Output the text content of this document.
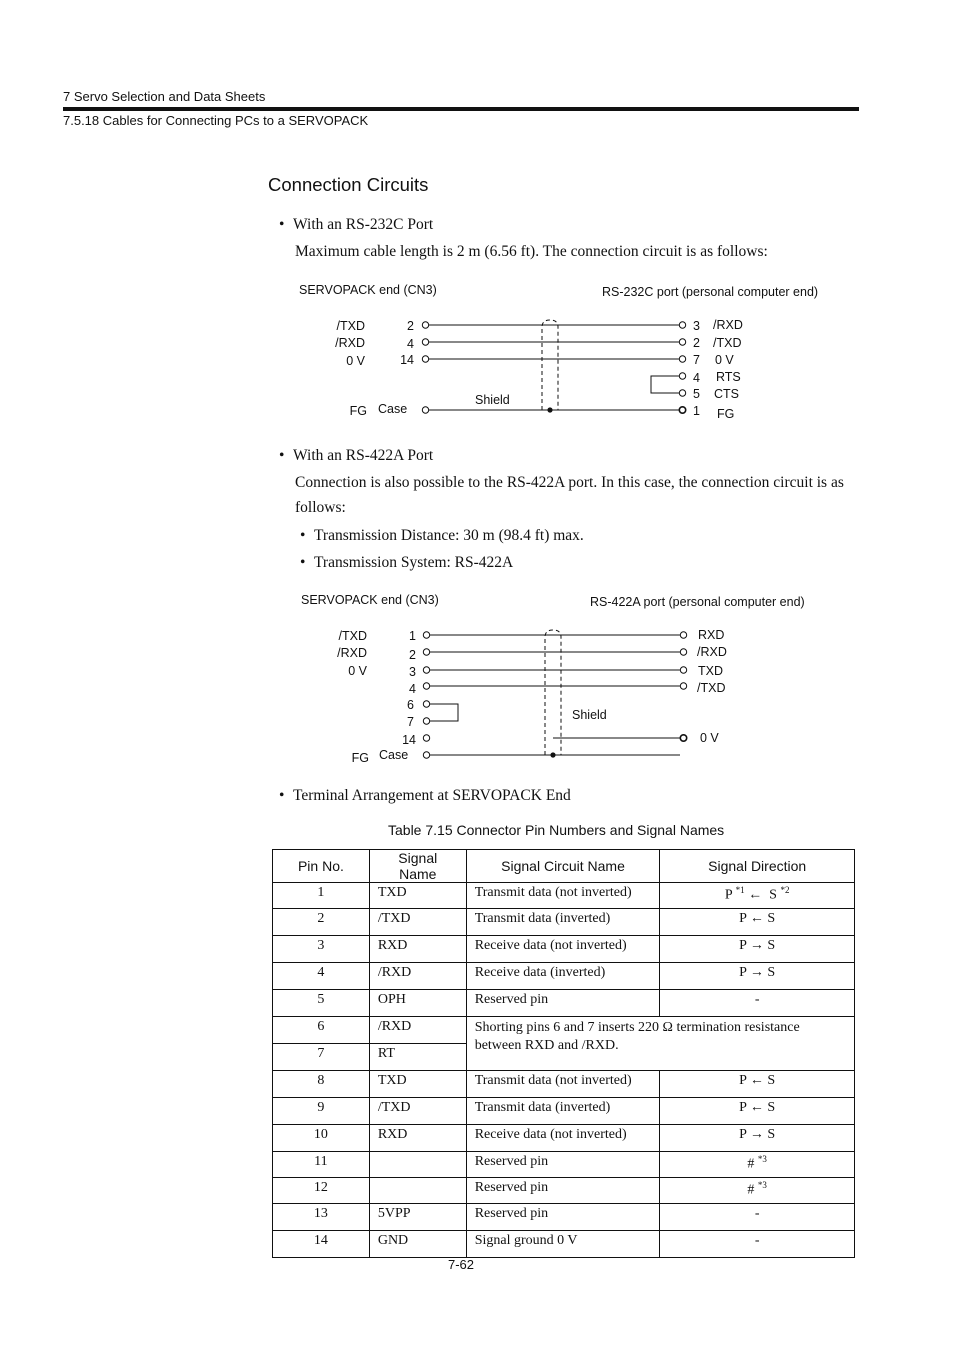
7 Servo Selection and Data Sheets
7.5.18 Cables for Connecting PCs to a SERVOPACK
Connection Circuits
• With an RS-232C Port
Maximum cable length is 2 m (6.56 ft). The connection circuit is as follows:
SERVOPACK end (CN3)	RS-232C port (personal computer end)
/TXD
/RXD
0 V
FG
2
4
14
Case
3
2
7
4
5
1
/RXD
/TXD
0 V
RTS
CTS
FG
Shield
• With an RS-422A Port
Connection is also possible to the RS-422A port. In this case, the connection circuit is as
follows:
• Transmission Distance: 30 m (98.4 ft) max.
• Transmission System: RS-422A
SERVOPACK end (CN3)	RS-422A port (personal computer end)
/TXD
/RXD
0 V
FG
1
2
3
4
6
7
14
Case
RXD
/RXD
TXD
/TXD
0 V
Shield
• Terminal Arrangement at SERVOPACK End
Table 7.15 Connector Pin Numbers and Signal Names
Pin No.	Signal Name	Signal Circuit Name	Signal Direction
1	TXD	Transmit data (not inverted)	P $^{*1}$ ← S $^{*2}$
2	/TXD	Transmit data (inverted)	P ← S
3	RXD	Receive data (not inverted)	P → S
4	/RXD	Receive data (inverted)	P → S
5	OPH	Reserved pin	-
6	/RXD	Shorting pins 6 and 7 inserts 220 Ω termination resistance between RXD and /RXD.	
7	RT		
8	TXD	Transmit data (not inverted)	P ← S
9	/TXD	Transmit data (inverted)	P ← S
10	RXD	Receive data (not inverted)	P → S
11		Reserved pin	# $^{*3}$
12		Reserved pin	# $^{*3}$
13	5VPP	Reserved pin	-
14	GND	Signal ground 0 V	-
7-62
